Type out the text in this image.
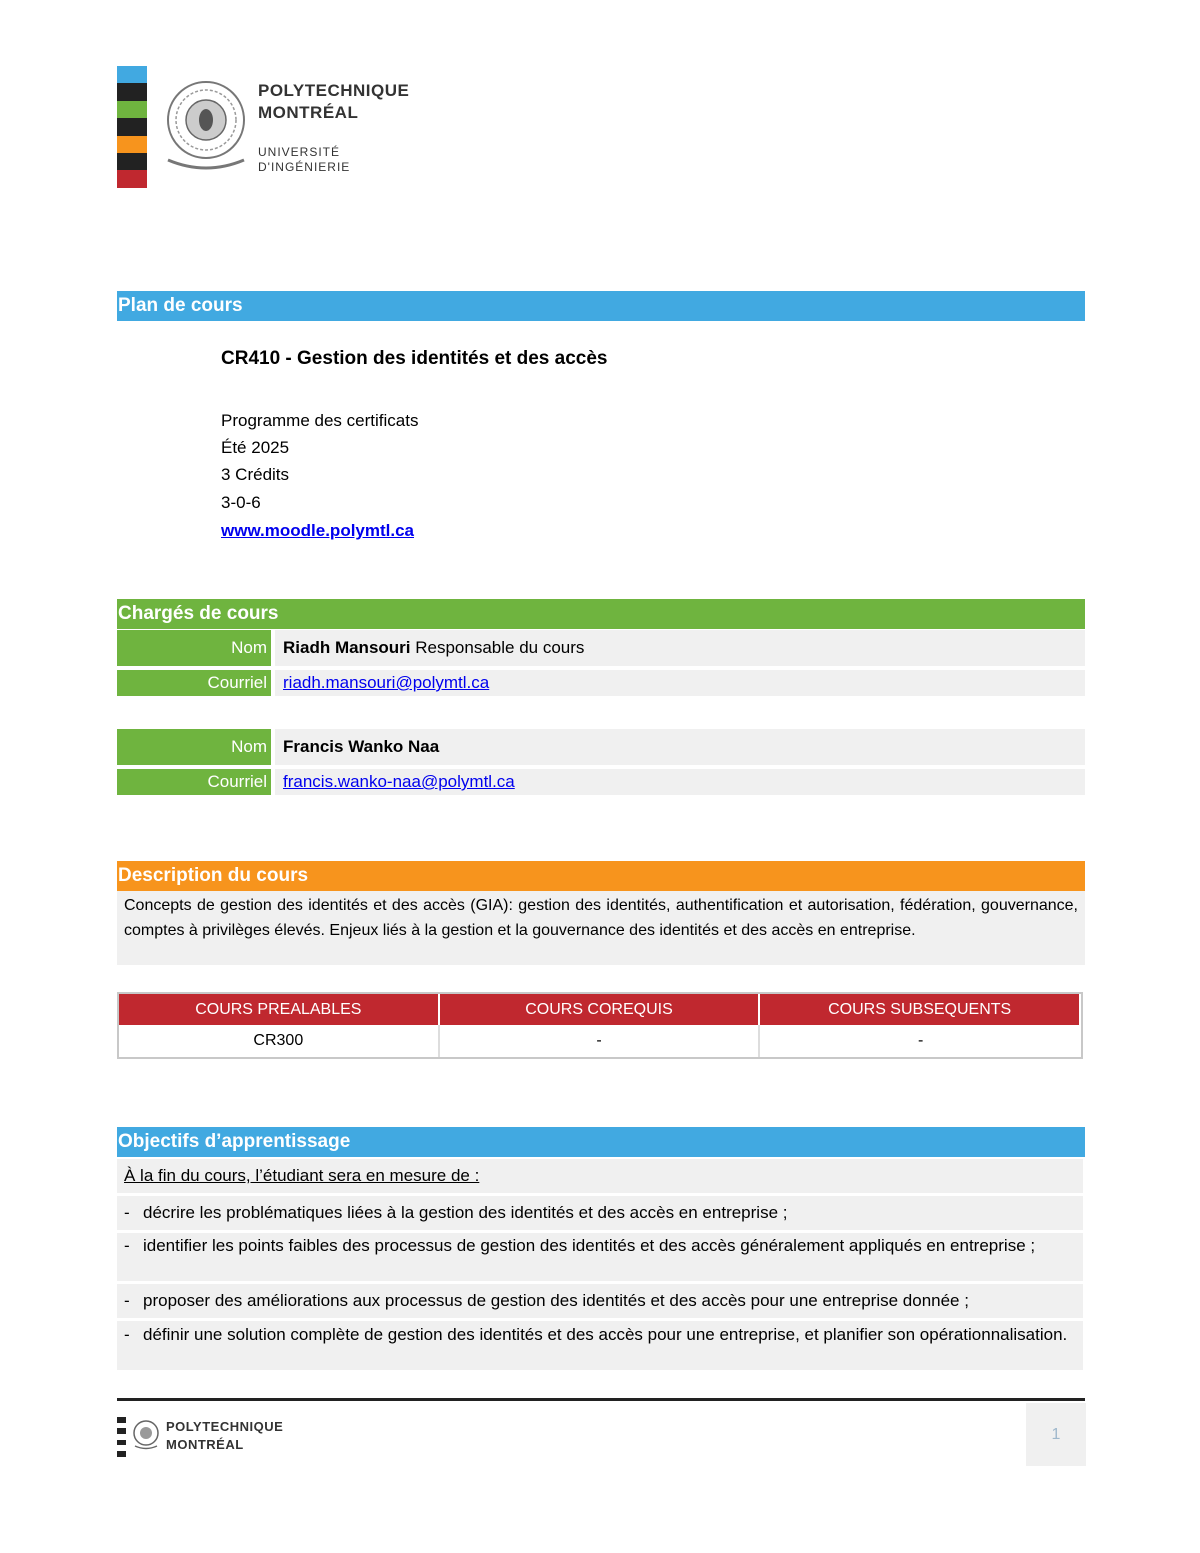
POLYTECHNIQUE
MONTRÉAL
UNIVERSITÉ
D'INGÉNIERIE
Plan de cours
CR410 - Gestion des identités et des accès
Programme des certificats
Été 2025
3 Crédits
3-0-6
www.moodle.polymtl.ca
Chargés de cours
Nom Riadh Mansouri Responsable du cours
Courriel riadh.mansouri@polymtl.ca
Nom Francis Wanko Naa
Courriel francis.wanko-naa@polymtl.ca
Description du cours
Concepts de gestion des identités et des accès (GIA): gestion des identités, authentification et autorisation, fédération, gouvernance, comptes à privilèges élevés. Enjeux liés à la gestion et la gouvernance des identités et des accès en entreprise.
COURS PREALABLES	COURS COREQUIS	COURS SUBSEQUENTS
CR300	-	-
Objectifs d’apprentissage
À la fin du cours, l’étudiant sera en mesure de :
- décrire les problématiques liées à la gestion des identités et des accès en entreprise ;
- identifier les points faibles des processus de gestion des identités et des accès généralement appliqués en entreprise ;
- proposer des améliorations aux processus de gestion des identités et des accès pour une entreprise donnée ;
- définir une solution complète de gestion des identités et des accès pour une entreprise, et planifier son opérationnalisation.
POLYTECHNIQUE
MONTRÉAL
1
